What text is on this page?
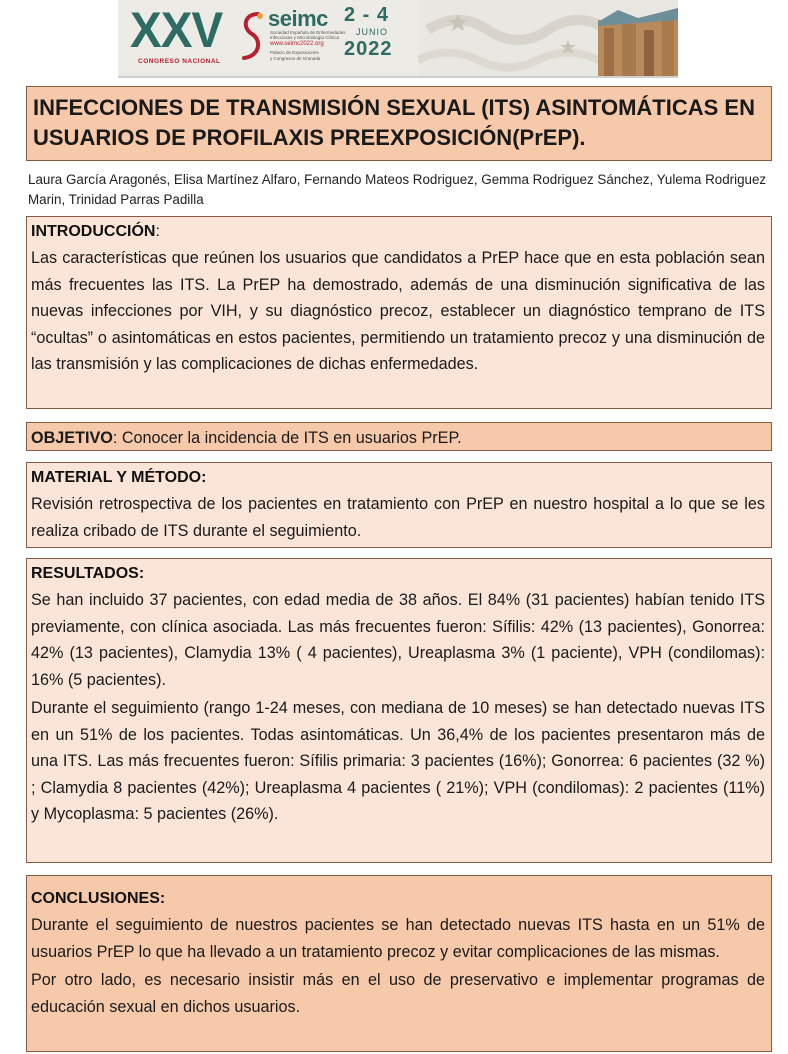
XXV
CONGRESO NACIONAL
seimc
Sociedad Española de Enfermedades
Infecciosas y Microbiología Clínica
www.seimc2022.org
Palacio de Exposiciones
y Congresos de Granada
2 - 4
JUNIO
2022
INFECCIONES DE TRANSMISIÓN SEXUAL (ITS) ASINTOMÁTICAS EN USUARIOS DE PROFILAXIS PREEXPOSICIÓN(PrEP).
Laura García Aragonés, Elisa Martínez Alfaro, Fernando Mateos Rodriguez, Gemma Rodriguez Sánchez, Yulema Rodriguez Marin, Trinidad Parras Padilla
INTRODUCCIÓN:

Las características que reúnen los usuarios que candidatos a PrEP hace que en esta población sean más frecuentes las ITS. La PrEP ha demostrado, además de una disminución significativa de las nuevas infecciones por VIH, y su diagnóstico precoz, establecer un diagnóstico temprano de ITS “ocultas” o asintomáticas en estos pacientes, permitiendo un tratamiento precoz y una disminución de las transmisión y las complicaciones de dichas enfermedades.

OBJETIVO: Conocer la incidencia de ITS en usuarios PrEP.

MATERIAL Y MÉTODO:

Revisión retrospectiva de los pacientes en tratamiento con PrEP en nuestro hospital a lo que se les realiza cribado de ITS durante el seguimiento.

RESULTADOS:

Se han incluido 37 pacientes, con edad media de 38 años. El 84% (31 pacientes) habían tenido ITS previamente, con clínica asociada. Las más frecuentes fueron: Sífilis: 42% (13 pacientes), Gonorrea: 42% (13 pacientes), Clamydia 13% ( 4 pacientes), Ureaplasma 3% (1 paciente), VPH (condilomas): 16% (5 pacientes).

Durante el seguimiento (rango 1-24 meses, con mediana de 10 meses) se han detectado nuevas ITS en un 51% de los pacientes. Todas asintomáticas. Un 36,4% de los pacientes presentaron más de una ITS. Las más frecuentes fueron: Sífilis primaria: 3 pacientes (16%); Gonorrea: 6 pacientes (32 %) ; Clamydia 8 pacientes (42%); Ureaplasma 4 pacientes ( 21%); VPH (condilomas): 2 pacientes (11%) y Mycoplasma: 5 pacientes (26%).

CONCLUSIONES:

Durante el seguimiento de nuestros pacientes se han detectado nuevas ITS hasta en un 51% de usuarios PrEP lo que ha llevado a un tratamiento precoz y evitar complicaciones de las mismas.

Por otro lado, es necesario insistir más en el uso de preservativo e implementar programas de educación sexual en dichos usuarios.
